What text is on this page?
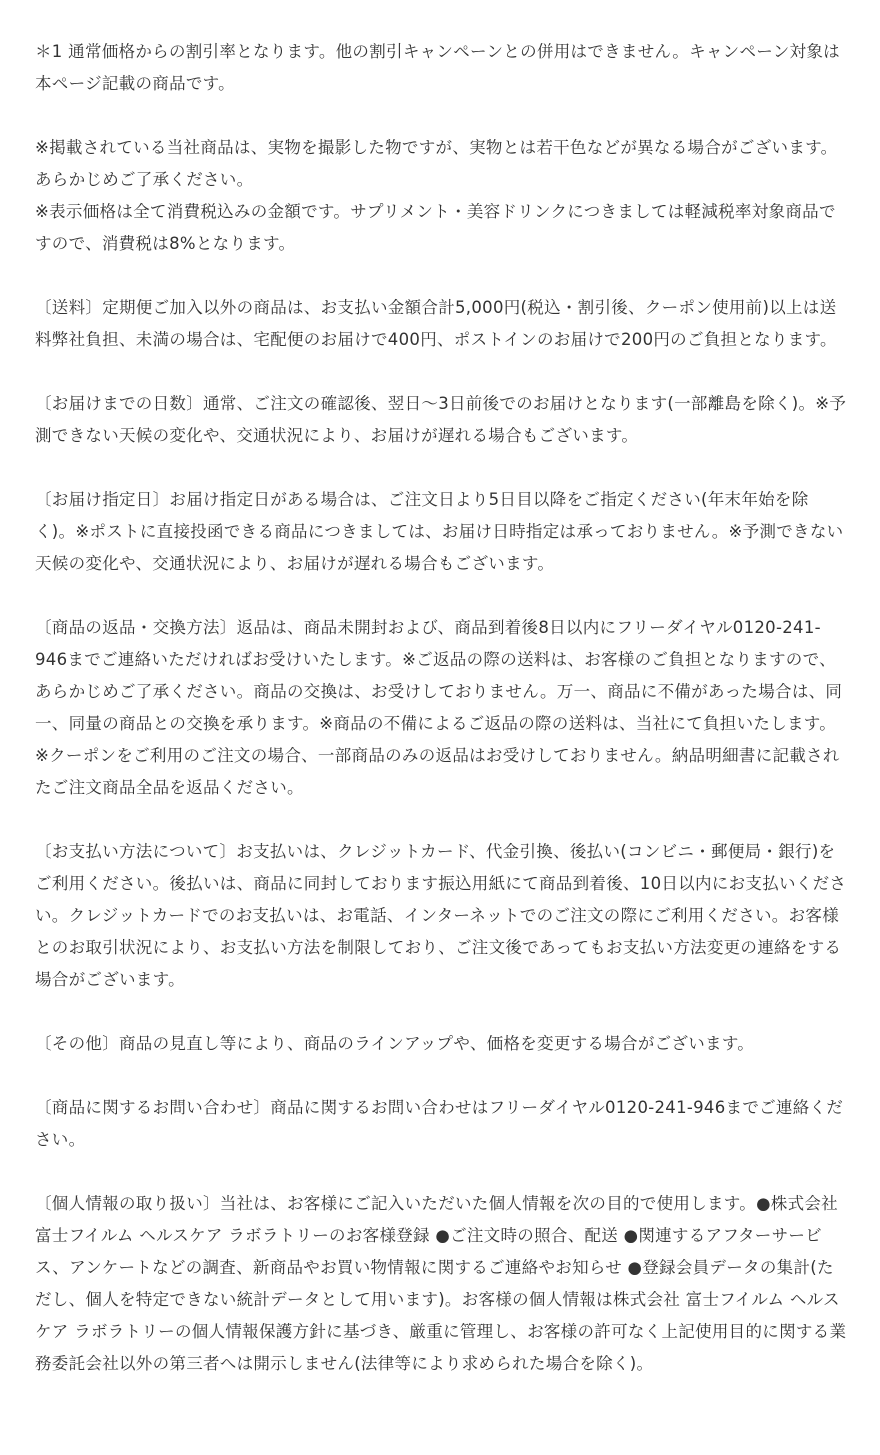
＊1 通常価格からの割引率となります。他の割引キャンペーンとの併用はできません。キャンペーン対象は本ページ記載の商品です。

※掲載されている当社商品は、実物を撮影した物ですが、実物とは若干色などが異なる場合がございます。あらかじめご了承ください。

※表示価格は全て消費税込みの金額です。サプリメント・美容ドリンクにつきましては軽減税率対象商品ですので、消費税は8%となります。

〔送料〕定期便ご加入以外の商品は、お支払い金額合計5,000円(税込・割引後、クーポン使用前)以上は送料弊社負担、未満の場合は、宅配便のお届けで400円、ポストインのお届けで200円のご負担となります。

〔お届けまでの日数〕通常、ご注文の確認後、翌日〜3日前後でのお届けとなります(一部離島を除く)。※予測できない天候の変化や、交通状況により、お届けが遅れる場合もございます。

〔お届け指定日〕お届け指定日がある場合は、ご注文日より5日目以降をご指定ください(年末年始を除く)。※ポストに直接投函できる商品につきましては、お届け日時指定は承っておりません。※予測できない天候の変化や、交通状況により、お届けが遅れる場合もございます。

〔商品の返品・交換方法〕返品は、商品未開封および、商品到着後8日以内にフリーダイヤル0120-241-946までご連絡いただければお受けいたします。※ご返品の際の送料は、お客様のご負担となりますので、あらかじめご了承ください。商品の交換は、お受けしておりません。万一、商品に不備があった場合は、同一、同量の商品との交換を承ります。※商品の不備によるご返品の際の送料は、当社にて負担いたします。※クーポンをご利用のご注文の場合、一部商品のみの返品はお受けしておりません。納品明細書に記載されたご注文商品全品を返品ください。

〔お支払い方法について〕お支払いは、クレジットカード、代金引換、後払い(コンビニ・郵便局・銀行)をご利用ください。後払いは、商品に同封しております振込用紙にて商品到着後、10日以内にお支払いください。クレジットカードでのお支払いは、お電話、インターネットでのご注文の際にご利用ください。お客様とのお取引状況により、お支払い方法を制限しており、ご注文後であってもお支払い方法変更の連絡をする場合がございます。

〔その他〕商品の見直し等により、商品のラインアップや、価格を変更する場合がございます。

〔商品に関するお問い合わせ〕商品に関するお問い合わせはフリーダイヤル0120-241-946までご連絡ください。

〔個人情報の取り扱い〕当社は、お客様にご記入いただいた個人情報を次の目的で使用します。●株式会社 富士フイルム ヘルスケア ラボラトリーのお客様登録 ●ご注文時の照合、配送 ●関連するアフターサービス、アンケートなどの調査、新商品やお買い物情報に関するご連絡やお知らせ ●登録会員データの集計(ただし、個人を特定できない統計データとして用います)。お客様の個人情報は株式会社 富士フイルム ヘルスケア ラボラトリーの個人情報保護方針に基づき、厳重に管理し、お客様の許可なく上記使用目的に関する業務委託会社以外の第三者へは開示しません(法律等により求められた場合を除く)。
